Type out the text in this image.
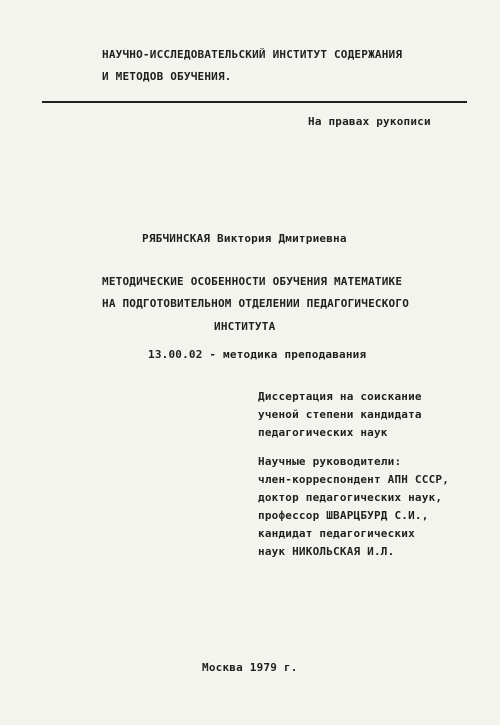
НАУЧНО-ИССЛЕДОВАТЕЛЬСКИЙ ИНСТИТУТ СОДЕРЖАНИЯ
И МЕТОДОВ ОБУЧЕНИЯ.
На правах рукописи
РЯБЧИНСКАЯ Виктория Дмитриевна
МЕТОДИЧЕСКИЕ ОСОБЕННОСТИ ОБУЧЕНИЯ МАТЕМАТИКЕ
НА ПОДГОТОВИТЕЛЬНОМ ОТДЕЛЕНИИ ПЕДАГОГИЧЕСКОГО
ИНСТИТУТА
13.00.02 - методика преподавания
Диссертация на соискание
ученой степени кандидата
педагогических наук
Научные руководители:
член-корреспондент АПН СССР,
доктор педагогических наук,
профессор ШВАРЦБУРД С.И.,
кандидат педагогических
наук НИКОЛЬСКАЯ И.Л.
Москва 1979 г.
